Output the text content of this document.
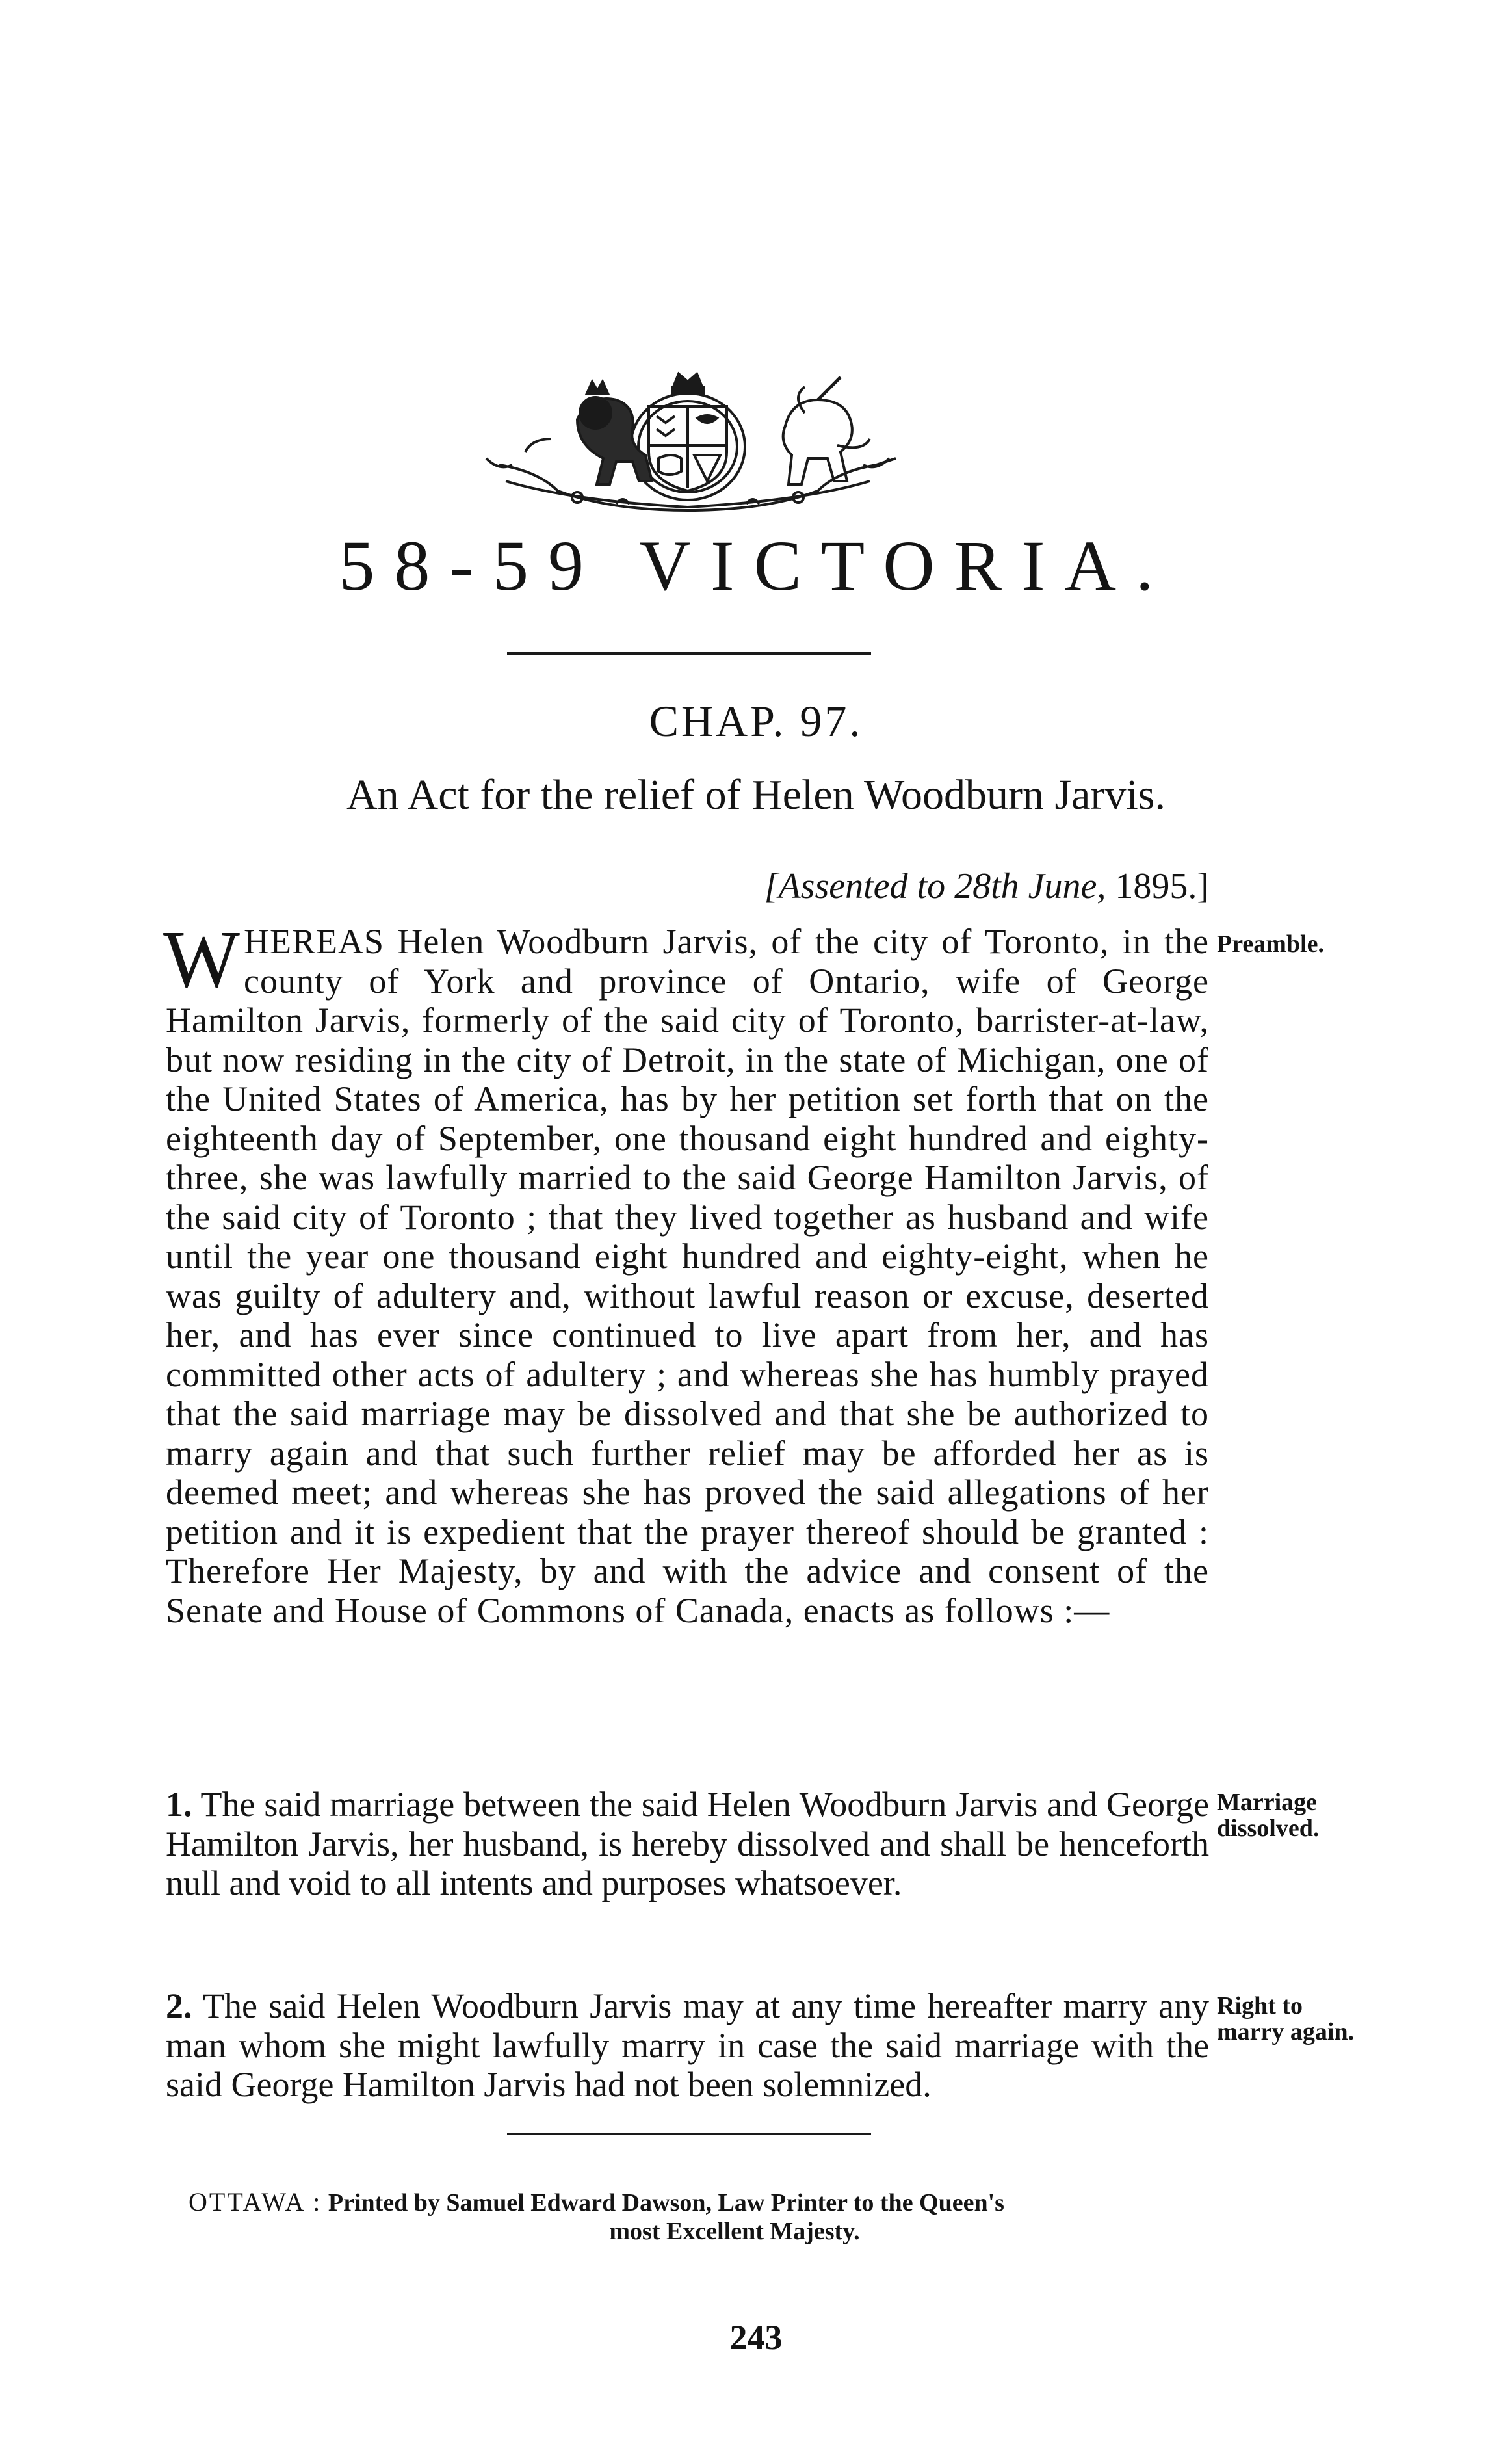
58-59 VICTORIA.
CHAP. 97.
An Act for the relief of Helen Woodburn Jarvis.
[Assented to 28th June, 1895.]
WHEREAS Helen Woodburn Jarvis, of the city of Toronto, in the county of York and province of Ontario, wife of George Hamilton Jarvis, formerly of the said city of Toronto, barrister-at-law, but now residing in the city of Detroit, in the state of Michigan, one of the United States of America, has by her petition set forth that on the eighteenth day of September, one thousand eight hundred and eighty-three, she was lawfully married to the said George Hamilton Jarvis, of the said city of Toronto ; that they lived together as husband and wife until the year one thousand eight hundred and eighty-eight, when he was guilty of adultery and, without lawful reason or excuse, deserted her, and has ever since continued to live apart from her, and has committed other acts of adultery ; and whereas she has humbly prayed that the said marriage may be dissolved and that she be authorized to marry again and that such further relief may be afforded her as is deemed meet; and whereas she has proved the said allegations of her petition and it is expedient that the prayer thereof should be granted : Therefore Her Majesty, by and with the advice and consent of the Senate and House of Commons of Canada, enacts as follows :—
Preamble.
1. The said marriage between the said Helen Woodburn Jarvis and George Hamilton Jarvis, her husband, is hereby dissolved and shall be henceforth null and void to all intents and purposes whatsoever.
Marriage dissolved.
2. The said Helen Woodburn Jarvis may at any time hereafter marry any man whom she might lawfully marry in case the said marriage with the said George Hamilton Jarvis had not been solemnized.
Right to marry again.
OTTAWA : Printed by Samuel Edward Dawson, Law Printer to the Queen's
most Excellent Majesty.
243
